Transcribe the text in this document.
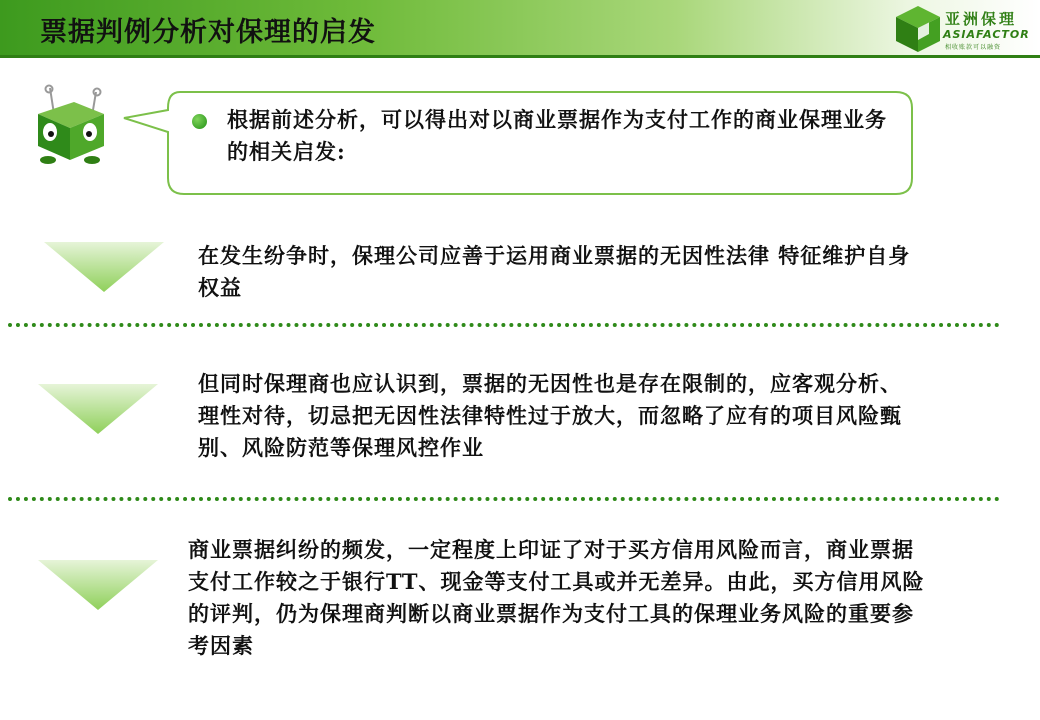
票据判例分析对保理的启发	亚洲保理
ASIAFACTOR
相收账款可以融资
根据前述分析，可以得出对以商业票据作为支付工作的商业保理业务的相关启发:
在发生纷争时，保理公司应善于运用商业票据的无因性法律 特征维护自身权益
但同时保理商也应认识到，票据的无因性也是存在限制的，应客观分析、理性对待，切忌把无因性法律特性过于放大，而忽略了应有的项目风险甄别、风险防范等保理风控作业
商业票据纠纷的频发，一定程度上印证了对于买方信用风险而言，商业票据支付工作较之于银行TT、现金等支付工具或并无差异。由此，买方信用风险的评判，仍为保理商判断以商业票据作为支付工具的保理业务风险的重要参考因素
